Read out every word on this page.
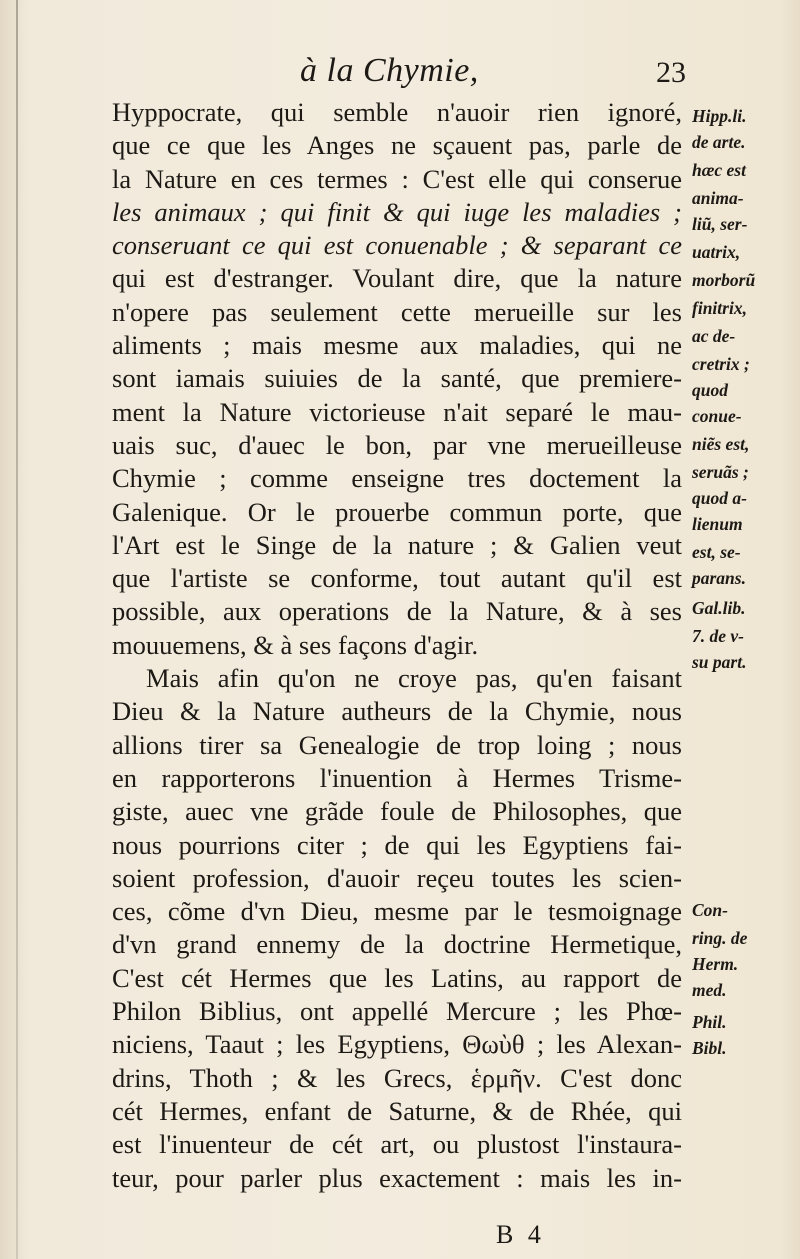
à la Chymie,	23
Hyppocrate, qui semble n'auoir rien ignoré,
que ce que les Anges ne sçauent pas, parle de
la Nature en ces termes : C'est elle qui conserue
les animaux ; qui finit & qui iuge les maladies ;
conseruant ce qui est conuenable ; & separant ce
qui est d'estranger. Voulant dire, que la nature
n'opere pas seulement cette merueille sur les
aliments ; mais mesme aux maladies, qui ne
sont iamais suiuies de la santé, que premiere-
ment la Nature victorieuse n'ait separé le mau-
uais suc, d'auec le bon, par vne merueilleuse
Chymie ; comme enseigne tres doctement la
Galenique. Or le prouerbe commun porte, que
l'Art est le Singe de la nature ; & Galien veut
que l'artiste se conforme, tout autant qu'il est
possible, aux operations de la Nature, & à ses
mouuemens, & à ses façons d'agir.
Mais afin qu'on ne croye pas, qu'en faisant
Dieu & la Nature autheurs de la Chymie, nous
allions tirer sa Genealogie de trop loing ; nous
en rapporterons l'inuention à Hermes Trisme-
giste, auec vne grãde foule de Philosophes, que
nous pourrions citer ; de qui les Egyptiens fai-
soient profession, d'auoir reçeu toutes les scien-
ces, cõme d'vn Dieu, mesme par le tesmoignage
d'vn grand ennemy de la doctrine Hermetique,
C'est cét Hermes que les Latins, au rapport de
Philon Biblius, ont appellé Mercure ; les Phœ-
niciens, Taaut ; les Egyptiens, Θωὺθ ; les Alexan-
drins, Thoth ; & les Grecs, ἑρμῆν. C'est donc
cét Hermes, enfant de Saturne, & de Rhée, qui
est l'inuenteur de cét art, ou plustost l'instaura-
teur, pour parler plus exactement : mais les in-
Hipp.li.
de arte.
hæc est
anima-
liũ, ser-
uatrix,
morborũ
finitrix,
ac de-
cretrix ;
quod
conue-
niẽs est,
seruãs ;
quod a-
lienum
est, se-
parans.
Gal.lib.
7. de v-
su part.
Con-
ring. de
Herm.
med.
Phil.
Bibl.
B 4
